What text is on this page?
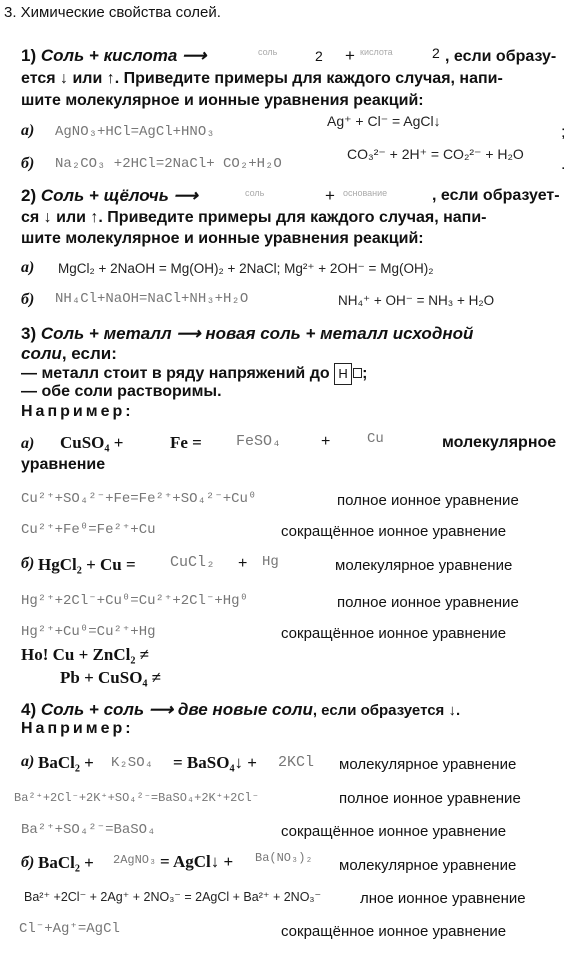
3. Химические свойства солей.
1) Соль + кислота ⟶	соль	2 + кислота	2 , если образу-
ется ↓ или ↑. Приведите примеры для каждого случая, напи-
шите молекулярное и ионные уравнения реакций:
а) AgNO₃+HCl=AgCl+HNO₃
Ag⁺ + Cl⁻ = AgCl↓
;
б) Na₂CO₃ +2HCl=2NaCl+ CO₂+H₂O
CO₃²⁻ + 2H⁺ = CO₂²⁻ + H₂O
.
2) Соль + щёлочь ⟶	соль	+ основание	, если образует-
ся ↓ или ↑. Приведите примеры для каждого случая, напи-
шите молекулярное и ионные уравнения реакций:
а) MgCl₂ + 2NaOH = Mg(OH)₂ + 2NaCl; Mg²⁺ + 2OH⁻ = Mg(OH)₂
б) NH₄Cl+NaOH=NaCl+NH₃+H₂O	NH₄⁺ + OH⁻ = NH₃ + H₂O
3) Соль + металл ⟶ новая соль + металл исходной
соли, если:
— металл стоит в ряду напряжений до H ;
— обе соли растворимы.
Например:
а) CuSO₄ +	Fe = FeSO₄ +	Cu	молекулярное
уравнение
Cu²⁺+SO₄²⁻+Fe=Fe²⁺+SO₄²⁻+Cu⁰	полное ионное уравнение
Cu²⁺+Fe⁰=Fe²⁺+Cu	сокращённое ионное уравнение
б) HgCl₂ + Cu = CuCl₂ + Hg	молекулярное уравнение
Hg²⁺+2Cl⁻+Cu⁰=Cu²⁺+2Cl⁻+Hg⁰	полное ионное уравнение
Hg²⁺+Cu⁰=Cu²⁺+Hg	сокращённое ионное уравнение
Но! Cu + ZnCl₂ ≠
Pb + CuSO₄ ≠
4) Соль + соль ⟶ две новые соли, если образуется ↓.
Например:
а) BaCl₂ + K₂SO₄ = BaSO₄↓ + 2KCl молекулярное уравнение
Ba²⁺+2Cl⁻+2K⁺+SO₄²⁻=BaSO₄+2K⁺+2Cl⁻	полное ионное уравнение
Ba²⁺+SO₄²⁻=BaSO₄	сокращённое ионное уравнение
б) BaCl₂ + 2AgNO₃ = AgCl↓ + Ba(NO₃)₂ молекулярное уравнение
Ba²⁺ +2Cl⁻ + 2Ag⁺ + 2NO₃⁻ = 2AgCl + Ba²⁺ + 2NO₃⁻	лное ионное уравнение
Cl⁻+Ag⁺=AgCl	сокращённое ионное уравнение
